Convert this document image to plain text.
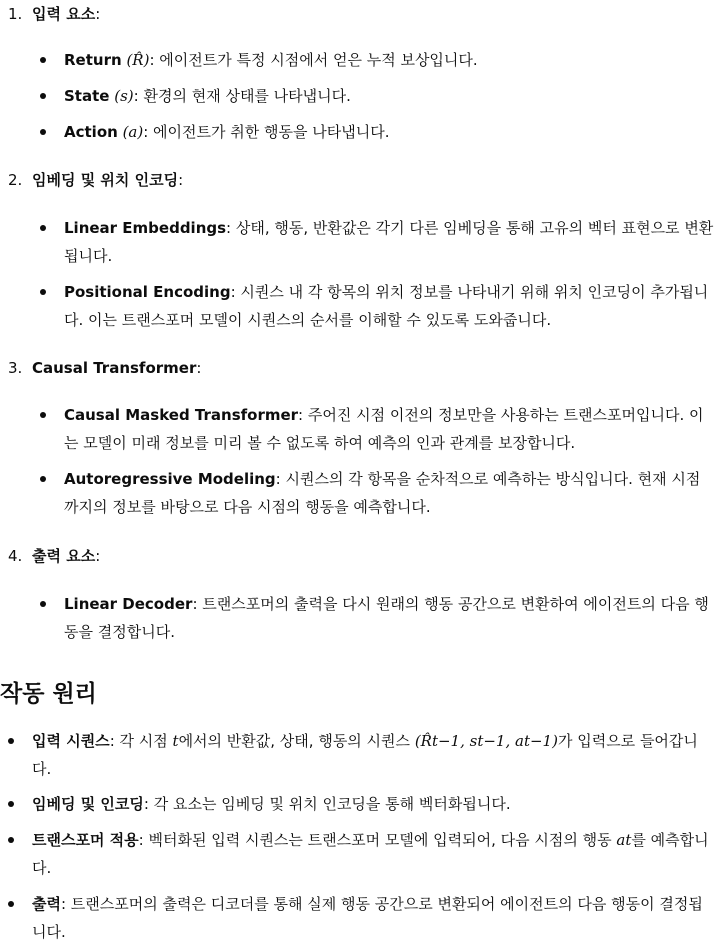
1. 입력 요소:
Return (R̂): 에이전트가 특정 시점에서 얻은 누적 보상입니다.
State (s): 환경의 현재 상태를 나타냅니다.
Action (a): 에이전트가 취한 행동을 나타냅니다.
2. 임베딩 및 위치 인코딩:
Linear Embeddings: 상태, 행동, 반환값은 각기 다른 임베딩을 통해 고유의 벡터 표현으로 변환됩니다.
Positional Encoding: 시퀀스 내 각 항목의 위치 정보를 나타내기 위해 위치 인코딩이 추가됩니다. 이는 트랜스포머 모델이 시퀀스의 순서를 이해할 수 있도록 도와줍니다.
3. Causal Transformer:
Causal Masked Transformer: 주어진 시점 이전의 정보만을 사용하는 트랜스포머입니다. 이는 모델이 미래 정보를 미리 볼 수 없도록 하여 예측의 인과 관계를 보장합니다.
Autoregressive Modeling: 시퀀스의 각 항목을 순차적으로 예측하는 방식입니다. 현재 시점까지의 정보를 바탕으로 다음 시점의 행동을 예측합니다.
4. 출력 요소:
Linear Decoder: 트랜스포머의 출력을 다시 원래의 행동 공간으로 변환하여 에이전트의 다음 행동을 결정합니다.
작동 원리
입력 시퀀스: 각 시점 t에서의 반환값, 상태, 행동의 시퀀스 (R̂t−1, st−1, at−1)가 입력으로 들어갑니다.
임베딩 및 인코딩: 각 요소는 임베딩 및 위치 인코딩을 통해 벡터화됩니다.
트랜스포머 적용: 벡터화된 입력 시퀀스는 트랜스포머 모델에 입력되어, 다음 시점의 행동 at를 예측합니다.
출력: 트랜스포머의 출력은 디코더를 통해 실제 행동 공간으로 변환되어 에이전트의 다음 행동이 결정됩니다.
